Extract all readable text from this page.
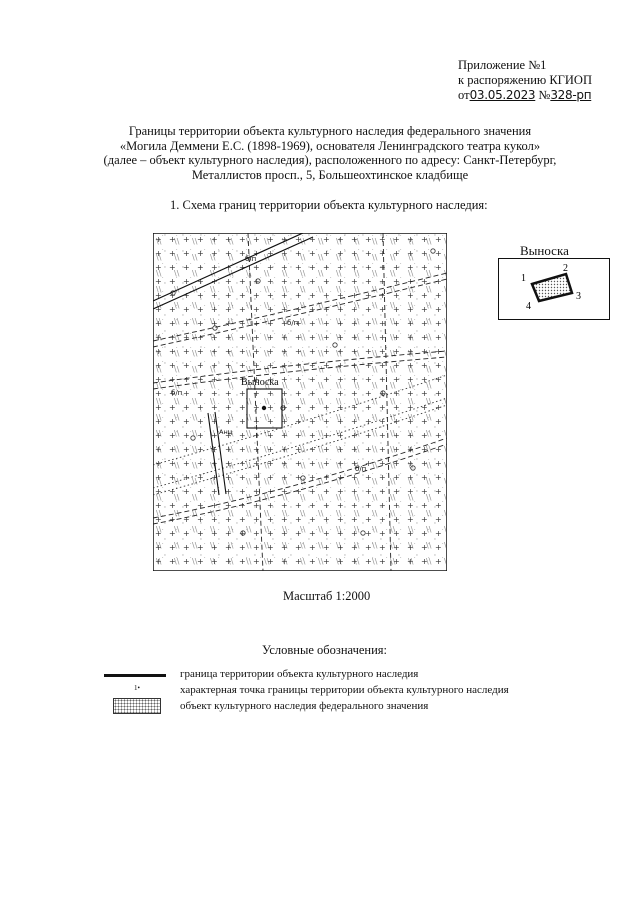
Приложение №1
к распоряжению КГИОП
от03.05.2023 №328-рп
Границы территории объекта культурного наследия федерального значения
«Могила Деммени Е.С. (1898-1969), основателя Ленинградского театра кукол»
(далее – объект культурного наследия), расположенного по адресу: Санкт-Петербург,
Металлистов просп., 5, Большеохтинское кладбище
1. Схема границ территории объекта культурного наследия:
Выноска
Анц
б/п
б/п
б/п
б/п
Выноска
1
2
3
4
Масштаб 1:2000
Условные обозначения:
граница территории объекта культурного наследия
1•	характерная точка границы территории объекта культурного наследия
объект культурного наследия федерального значения
